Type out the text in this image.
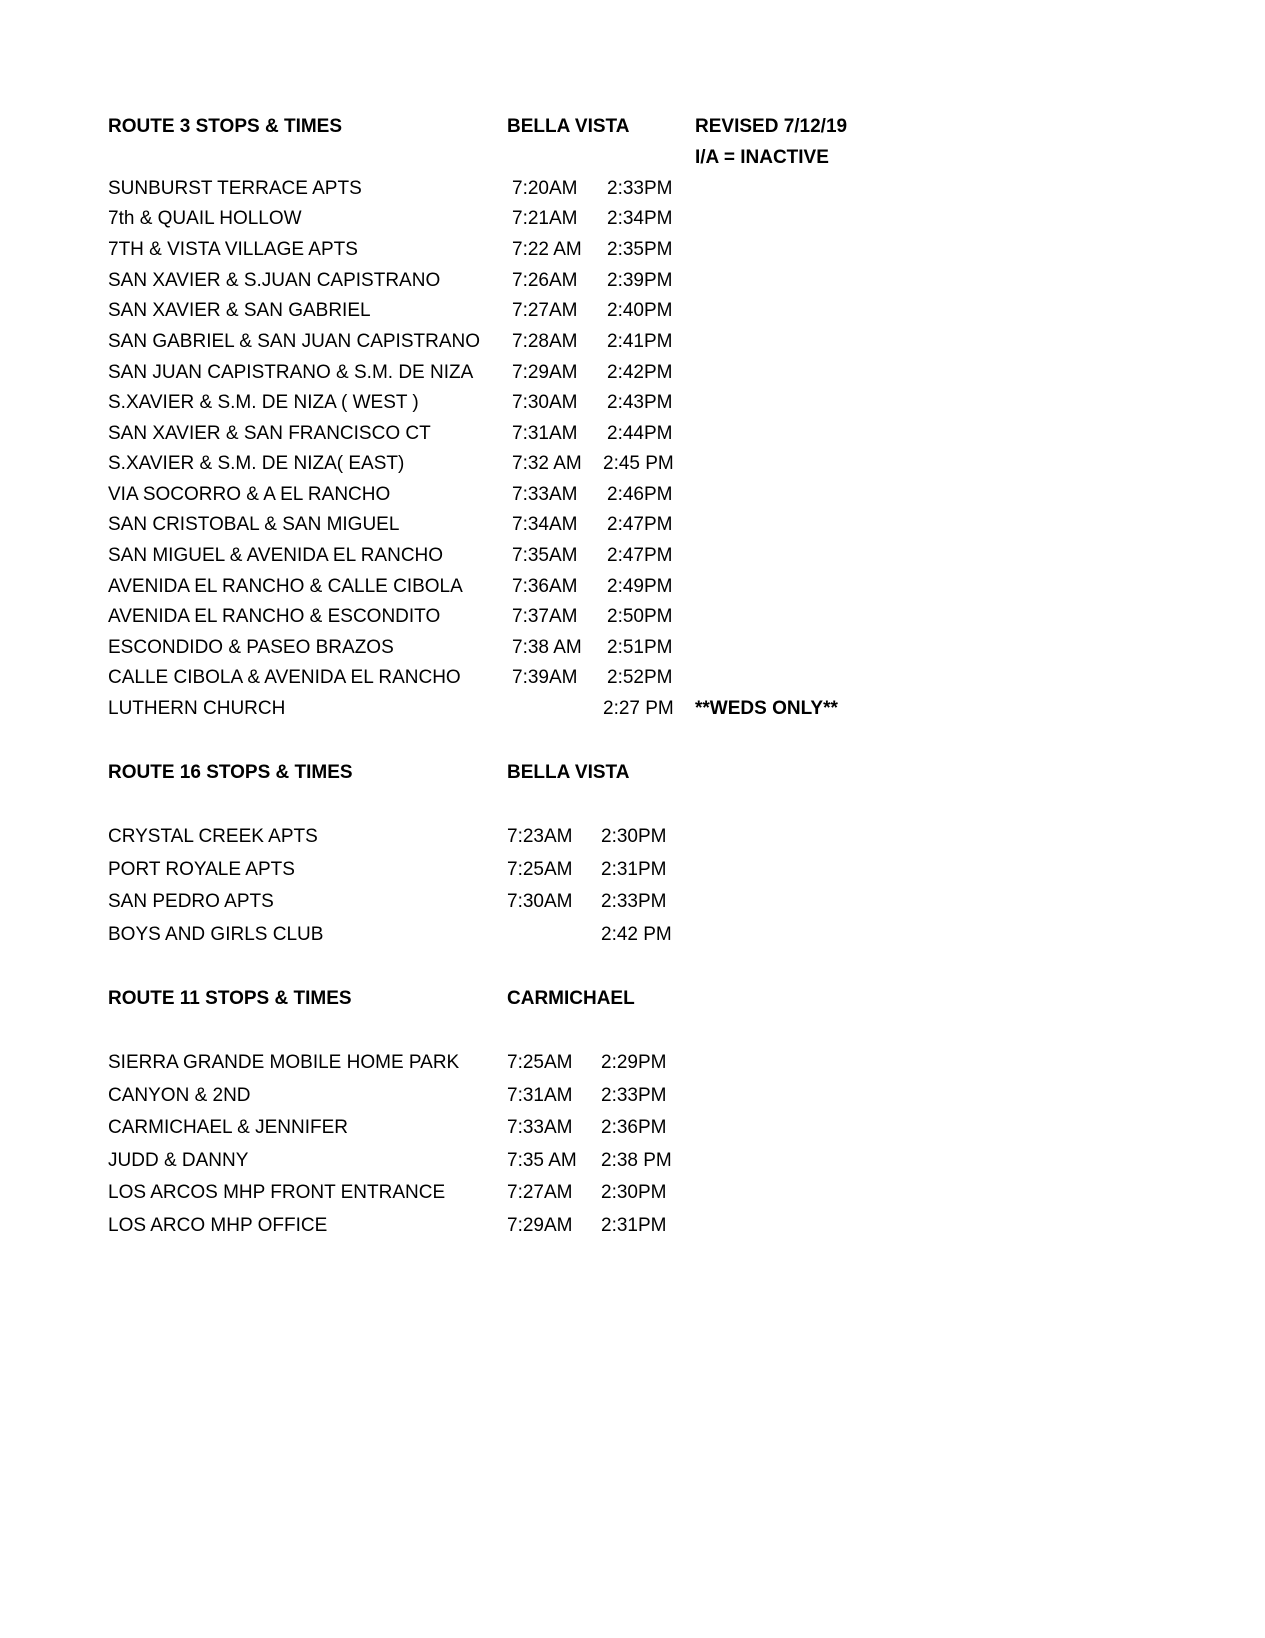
ROUTE 3 STOPS & TIMES	BELLA VISTA	REVISED 7/12/19
I/A = INACTIVE
SUNBURST TERRACE APTS	7:20AM 2:33PM
7th & QUAIL HOLLOW	7:21AM 2:34PM
7TH & VISTA VILLAGE APTS	7:22 AM 2:35PM
SAN XAVIER & S.JUAN CAPISTRANO	7:26AM 2:39PM
SAN XAVIER & SAN GABRIEL	7:27AM 2:40PM
SAN GABRIEL & SAN JUAN CAPISTRANO 7:28AM 2:41PM
SAN JUAN CAPISTRANO & S.M. DE NIZA 7:29AM 2:42PM
S.XAVIER & S.M. DE NIZA ( WEST )	7:30AM 2:43PM
SAN XAVIER & SAN FRANCISCO CT	7:31AM 2:44PM
S.XAVIER & S.M. DE NIZA( EAST)	7:32 AM 2:45 PM
VIA SOCORRO & A EL RANCHO	7:33AM 2:46PM
SAN CRISTOBAL & SAN MIGUEL	7:34AM 2:47PM
SAN MIGUEL & AVENIDA EL RANCHO	7:35AM 2:47PM
AVENIDA EL RANCHO & CALLE CIBOLA	7:36AM 2:49PM
AVENIDA EL RANCHO & ESCONDITO	7:37AM 2:50PM
ESCONDIDO & PASEO BRAZOS	7:38 AM 2:51PM
CALLE CIBOLA & AVENIDA EL RANCHO	7:39AM 2:52PM
LUTHERN CHURCH	2:27 PM **WEDS ONLY**
ROUTE 16 STOPS & TIMES	BELLA VISTA
CRYSTAL CREEK APTS	7:23AM 2:30PM
PORT ROYALE APTS	7:25AM 2:31PM
SAN PEDRO APTS	7:30AM 2:33PM
BOYS AND GIRLS CLUB	2:42 PM
ROUTE 11 STOPS & TIMES	CARMICHAEL
SIERRA GRANDE MOBILE HOME PARK	7:25AM 2:29PM
CANYON & 2ND	7:31AM 2:33PM
CARMICHAEL & JENNIFER	7:33AM 2:36PM
JUDD & DANNY	7:35 AM 2:38 PM
LOS ARCOS MHP FRONT ENTRANCE	7:27AM 2:30PM
LOS ARCO MHP OFFICE	7:29AM 2:31PM
